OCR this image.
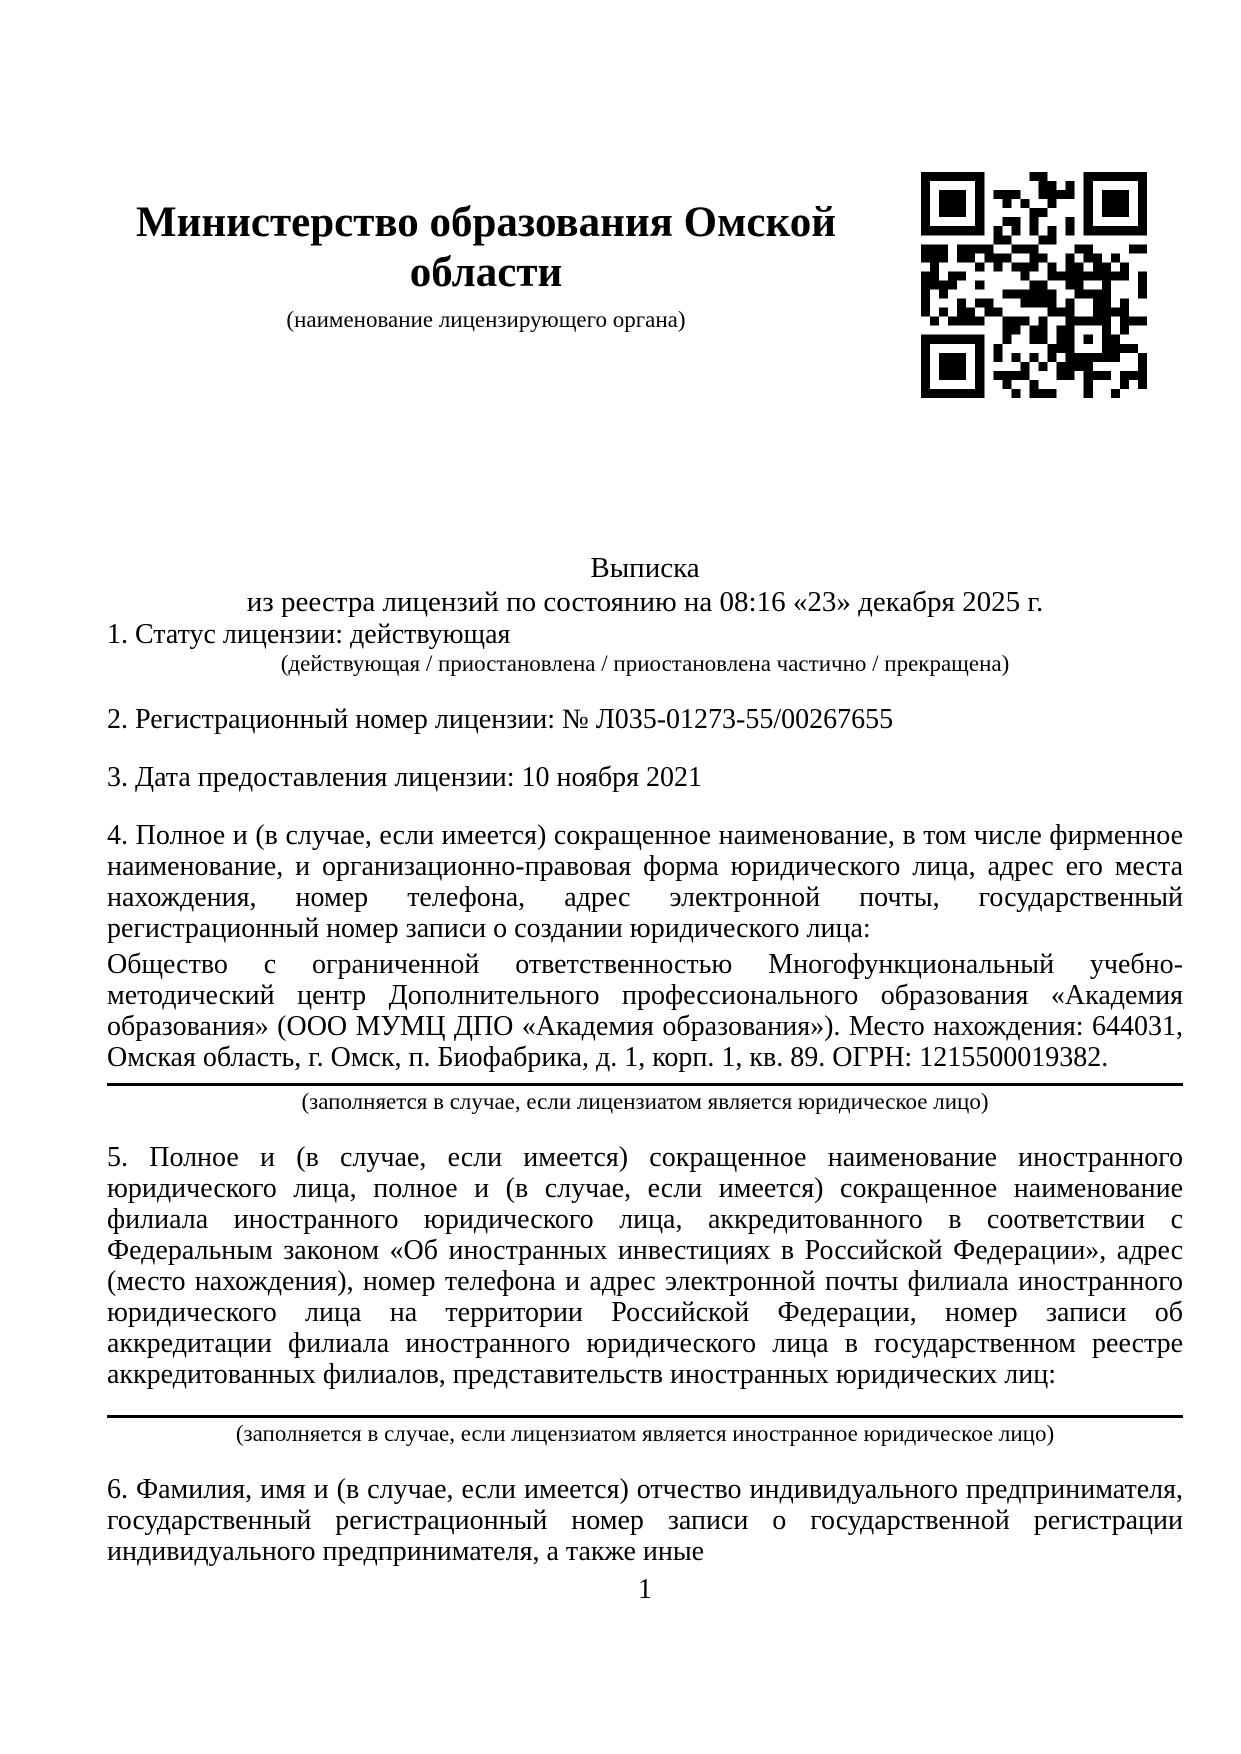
Министерство образования Омской
области
(наименование лицензирующего органа)
Выписка
из реестра лицензий по состоянию на 08:16 «23» декабря 2025 г.

1. Статус лицензии: действующая

(действующая / приостановлена / приостановлена частично / прекращена)

2. Регистрационный номер лицензии: № Л035-01273-55/00267655

3. Дата предоставления лицензии: 10 ноября 2021

4. Полное и (в случае, если имеется) сокращенное наименование, в том числе фирменное наименование, и организационно-правовая форма юридического лица, адрес его места нахождения, номер телефона, адрес электронной почты, государственный регистрационный номер записи о создании юридического лица:

Общество с ограниченной ответственностью Многофункциональный учебно-методический центр Дополнительного профессионального образования «Академия образования» (ООО МУМЦ ДПО «Академия образования»). Место нахождения: 644031, Омская область, г. Омск, п. Биофабрика, д. 1, корп. 1, кв. 89. ОГРН: 1215500019382.

(заполняется в случае, если лицензиатом является юридическое лицо)

5. Полное и (в случае, если имеется) сокращенное наименование иностранного юридического лица, полное и (в случае, если имеется) сокращенное наименование филиала иностранного юридического лица, аккредитованного в соответствии с Федеральным законом «Об иностранных инвестициях в Российской Федерации», адрес (место нахождения), номер телефона и адрес электронной почты филиала иностранного юридического лица на территории Российской Федерации, номер записи об аккредитации филиала иностранного юридического лица в государственном реестре аккредитованных филиалов, представительств иностранных юридических лиц:

(заполняется в случае, если лицензиатом является иностранное юридическое лицо)

6. Фамилия, имя и (в случае, если имеется) отчество индивидуального предпринимателя, государственный регистрационный номер записи о государственной регистрации индивидуального предпринимателя, а также иные

1
